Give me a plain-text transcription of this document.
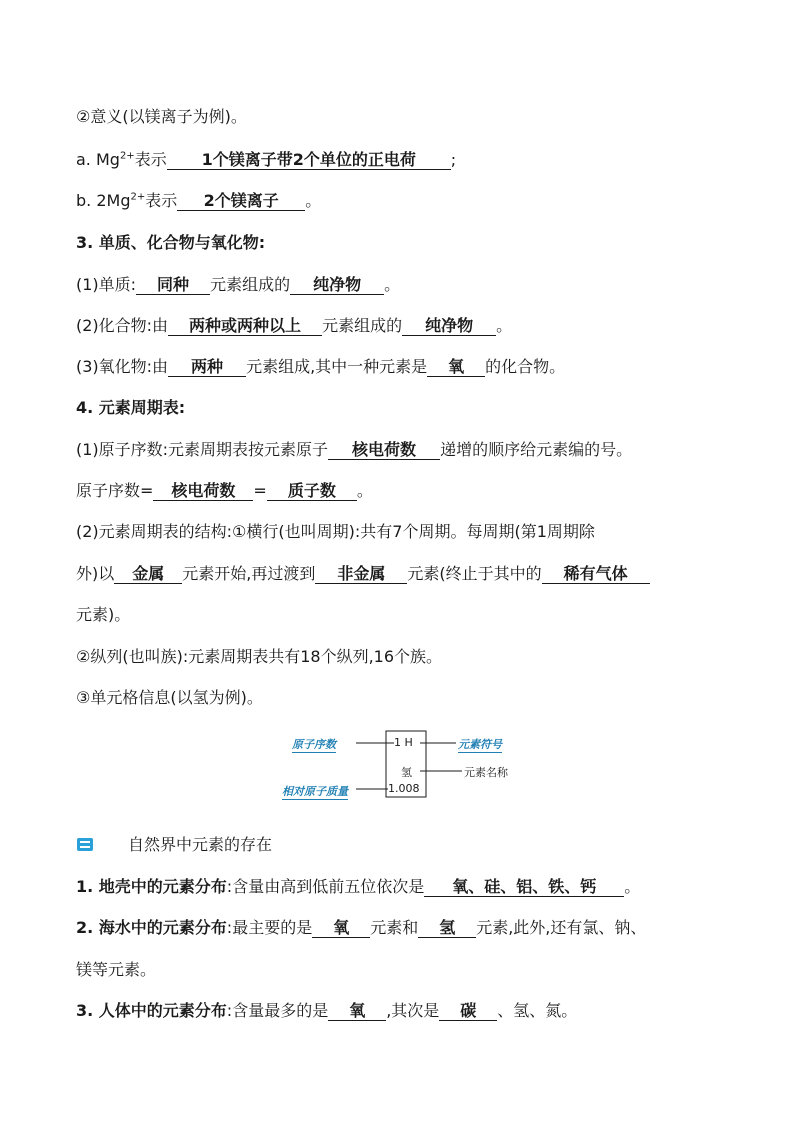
②意义(以镁离子为例)。
a. $Mg^{2+}$表示 1个镁离子带2个单位的正电荷 ;
b. $2Mg^{2+}$表示 2个镁离子 。
3. 单质、化合物与氧化物:
(1)单质: 同种 元素组成的 纯净物 。
(2)化合物:由 两种或两种以上 元素组成的 纯净物 。
(3)氧化物:由 两种 元素组成,其中一种元素是 氧 的化合物。
4. 元素周期表:
(1)原子序数:元素周期表按元素原子 核电荷数 递增的顺序给元素编的号。
原子序数= 核电荷数 = 质子数 。
(2)元素周期表的结构:①横行(也叫周期):共有7个周期。每周期(第1周期除
外)以 金属 元素开始,再过渡到 非金属 元素(终止于其中的 稀有气体
元素)。
②纵列(也叫族):元素周期表共有18个纵列,16个族。
③单元格信息(以氢为例)。
原子序数	1 H	元素符号
氢	元素名称
相对原子质量	1.008
自然界中元素的存在
1. 地壳中的元素分布:含量由高到低前五位依次是 氧、硅、铝、铁、钙 。
2. 海水中的元素分布:最主要的是 氧 元素和 氢 元素,此外,还有氯、钠、
镁等元素。
3. 人体中的元素分布:含量最多的是 氧 ,其次是 碳 、氢、氮。
